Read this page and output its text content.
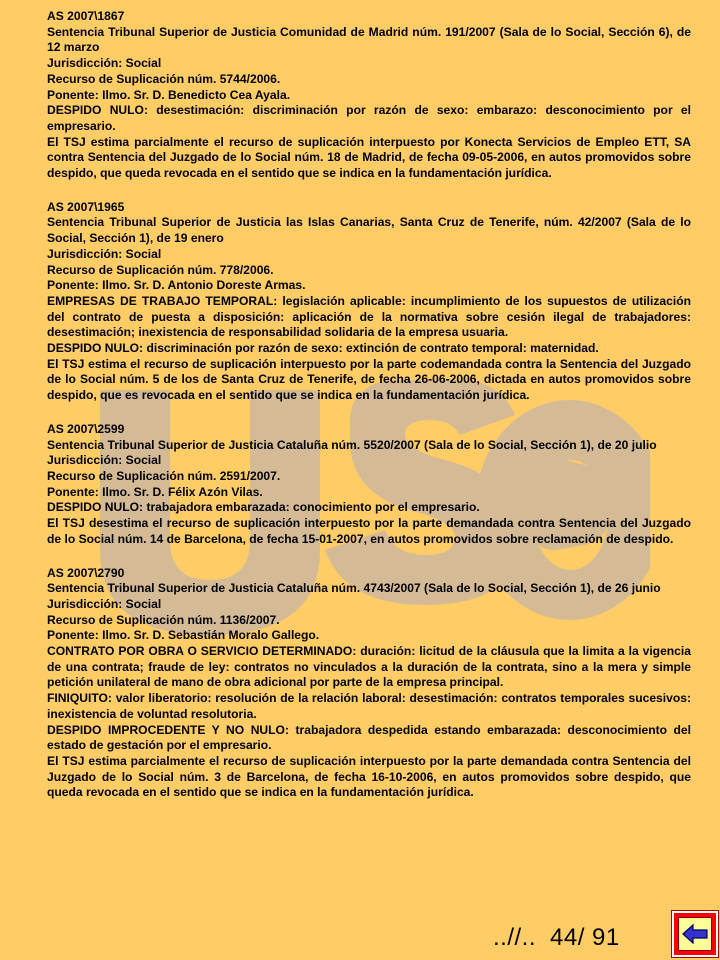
AS 2007\1867

Sentencia Tribunal Superior de Justicia Comunidad de Madrid núm. 191/2007 (Sala de lo Social, Sección 6), de 12 marzo

Jurisdicción: Social

Recurso de Suplicación núm. 5744/2006.

Ponente: Ilmo. Sr. D. Benedicto Cea Ayala.

DESPIDO NULO: desestimación: discriminación por razón de sexo: embarazo: desconocimiento por el empresario.

El TSJ estima parcialmente el recurso de suplicación interpuesto por Konecta Servicios de Empleo ETT, SA contra Sentencia del Juzgado de lo Social núm. 18 de Madrid, de fecha 09-05-2006, en autos promovidos sobre despido, que queda revocada en el sentido que se indica en la fundamentación jurídica.

AS 2007\1965

Sentencia Tribunal Superior de Justicia las Islas Canarias, Santa Cruz de Tenerife, núm. 42/2007 (Sala de lo Social, Sección 1), de 19 enero

Jurisdicción: Social

Recurso de Suplicación núm. 778/2006.

Ponente: Ilmo. Sr. D. Antonio Doreste Armas.

EMPRESAS DE TRABAJO TEMPORAL: legislación aplicable: incumplimiento de los supuestos de utilización del contrato de puesta a disposición: aplicación de la normativa sobre cesión ilegal de trabajadores: desestimación; inexistencia de responsabilidad solidaria de la empresa usuaria.

DESPIDO NULO: discriminación por razón de sexo: extinción de contrato temporal: maternidad.

El TSJ estima el recurso de suplicación interpuesto por la parte codemandada contra la Sentencia del Juzgado de lo Social núm. 5 de los de Santa Cruz de Tenerife, de fecha 26-06-2006, dictada en autos promovidos sobre despido, que es revocada en el sentido que se indica en la fundamentación jurídica.

AS 2007\2599

Sentencia Tribunal Superior de Justicia Cataluña núm. 5520/2007 (Sala de lo Social, Sección 1), de 20 julio

Jurisdicción: Social

Recurso de Suplicación núm. 2591/2007.

Ponente: Ilmo. Sr. D. Félix Azón Vilas.

DESPIDO NULO: trabajadora embarazada: conocimiento por el empresario.

El TSJ desestima el recurso de suplicación interpuesto por la parte demandada contra Sentencia del Juzgado de lo Social núm. 14 de Barcelona, de fecha 15-01-2007, en autos promovidos sobre reclamación de despido.

AS 2007\2790

Sentencia Tribunal Superior de Justicia Cataluña núm. 4743/2007 (Sala de lo Social, Sección 1), de 26 junio

Jurisdicción: Social

Recurso de Suplicación núm. 1136/2007.

Ponente: Ilmo. Sr. D. Sebastián Moralo Gallego.

CONTRATO POR OBRA O SERVICIO DETERMINADO: duración: licitud de la cláusula que la limita a la vigencia de una contrata; fraude de ley: contratos no vinculados a la duración de la contrata, sino a la mera y simple petición unilateral de mano de obra adicional por parte de la empresa principal.

FINIQUITO: valor liberatorio: resolución de la relación laboral: desestimación: contratos temporales sucesivos: inexistencia de voluntad resolutoria.

DESPIDO IMPROCEDENTE Y NO NULO: trabajadora despedida estando embarazada: desconocimiento del estado de gestación por el empresario.

El TSJ estima parcialmente el recurso de suplicación interpuesto por la parte demandada contra Sentencia del Juzgado de lo Social núm. 3 de Barcelona, de fecha 16-10-2006, en autos promovidos sobre despido, que queda revocada en el sentido que se indica en la fundamentación jurídica.

..//.. 44/ 91
